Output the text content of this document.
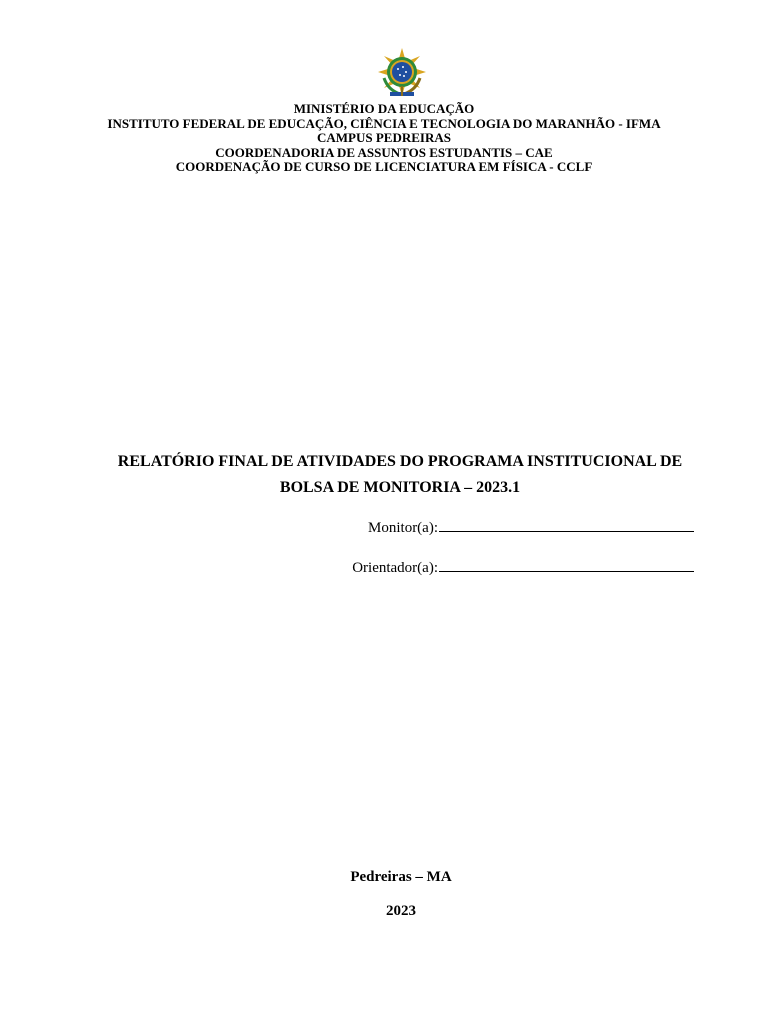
MINISTÉRIO DA EDUCAÇÃO
INSTITUTO FEDERAL DE EDUCAÇÃO, CIÊNCIA E TECNOLOGIA DO MARANHÃO - IFMA
CAMPUS PEDREIRAS
COORDENADORIA DE ASSUNTOS ESTUDANTIS – CAE
COORDENAÇÃO DE CURSO DE LICENCIATURA EM FÍSICA - CCLF
RELATÓRIO FINAL DE ATIVIDADES DO PROGRAMA INSTITUCIONAL DE
BOLSA DE MONITORIA – 2023.1
Monitor(a):
Orientador(a):
Pedreiras – MA
2023
